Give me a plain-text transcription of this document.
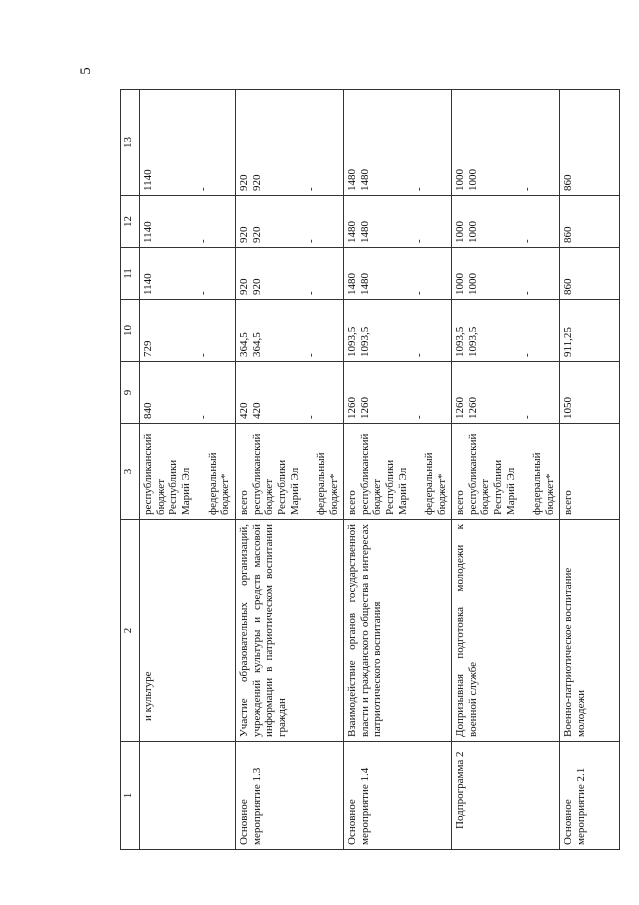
5
1	2	3	9	10	11	12	13
	и культуре	республиканский бюджет Республики Марий Эл федеральный бюджет*	840 -	729 -	1140 -	1140 -	1140 -

Основное мероприятие 1.3	Участие образовательных организаций, учреждений культуры и средств массовой информации в патриотическом воспитании граждан	всего республиканский бюджет Республики Марий Эл федеральный бюджет*	420 420 -	364,5 364,5 -	920 920 -	920 920 -	920 920 -

Основное мероприятие 1.4	Взаимодействие органов государственной власти и гражданского общества в интересах патриотического воспитания	всего республиканский бюджет Республики Марий Эл федеральный бюджет*	1260 1260 -	1093,5 1093,5 -	1480 1480 -	1480 1480 -	1480 1480 -

Подпрограмма 2	Допризывная подготовка молодежи к военной службе	всего республиканский бюджет Республики Марий Эл федеральный бюджет*	1260 1260 -	1093,5 1093,5 -	1000 1000 -	1000 1000 -	1000 1000 -

Основное мероприятие 2.1	Военно-патриотическое воспитание молодежи	всего	1050	911,25	860	860	860
